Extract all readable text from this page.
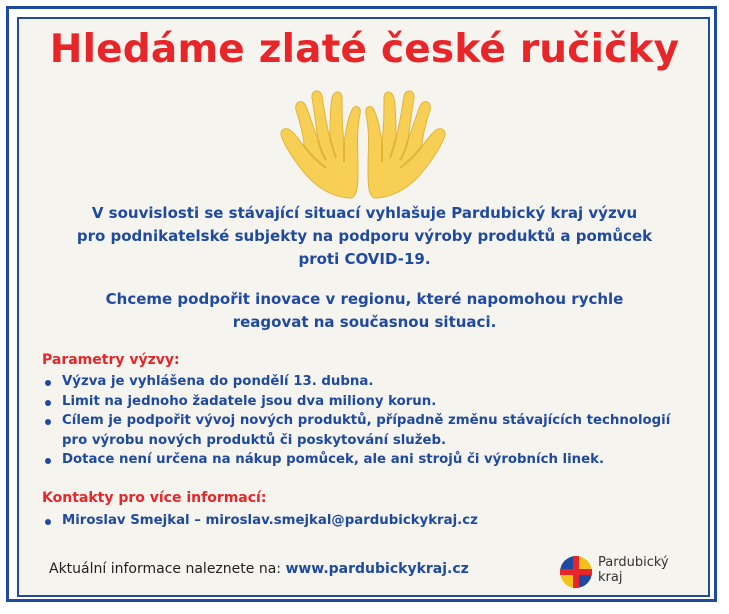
Hledáme zlaté české ručičky
V souvislosti se stávající situací vyhlašuje Pardubický kraj výzvu
pro podnikatelské subjekty na podporu výroby produktů a pomůcek
proti COVID-19.
Chceme podpořit inovace v regionu, které napomohou rychle
reagovat na současnou situaci.
Parametry výzvy:
Výzva je vyhlášena do pondělí 13. dubna.
Limit na jednoho žadatele jsou dva miliony korun.
Cílem je podpořit vývoj nových produktů, případně změnu stávajících technologií
pro výrobu nových produktů či poskytování služeb.
Dotace není určena na nákup pomůcek, ale ani strojů či výrobních linek.
Kontakty pro více informací:
Miroslav Smejkal – miroslav.smejkal@pardubickykraj.cz
Aktuální informace naleznete na: www.pardubickykraj.cz	Pardubický
kraj
